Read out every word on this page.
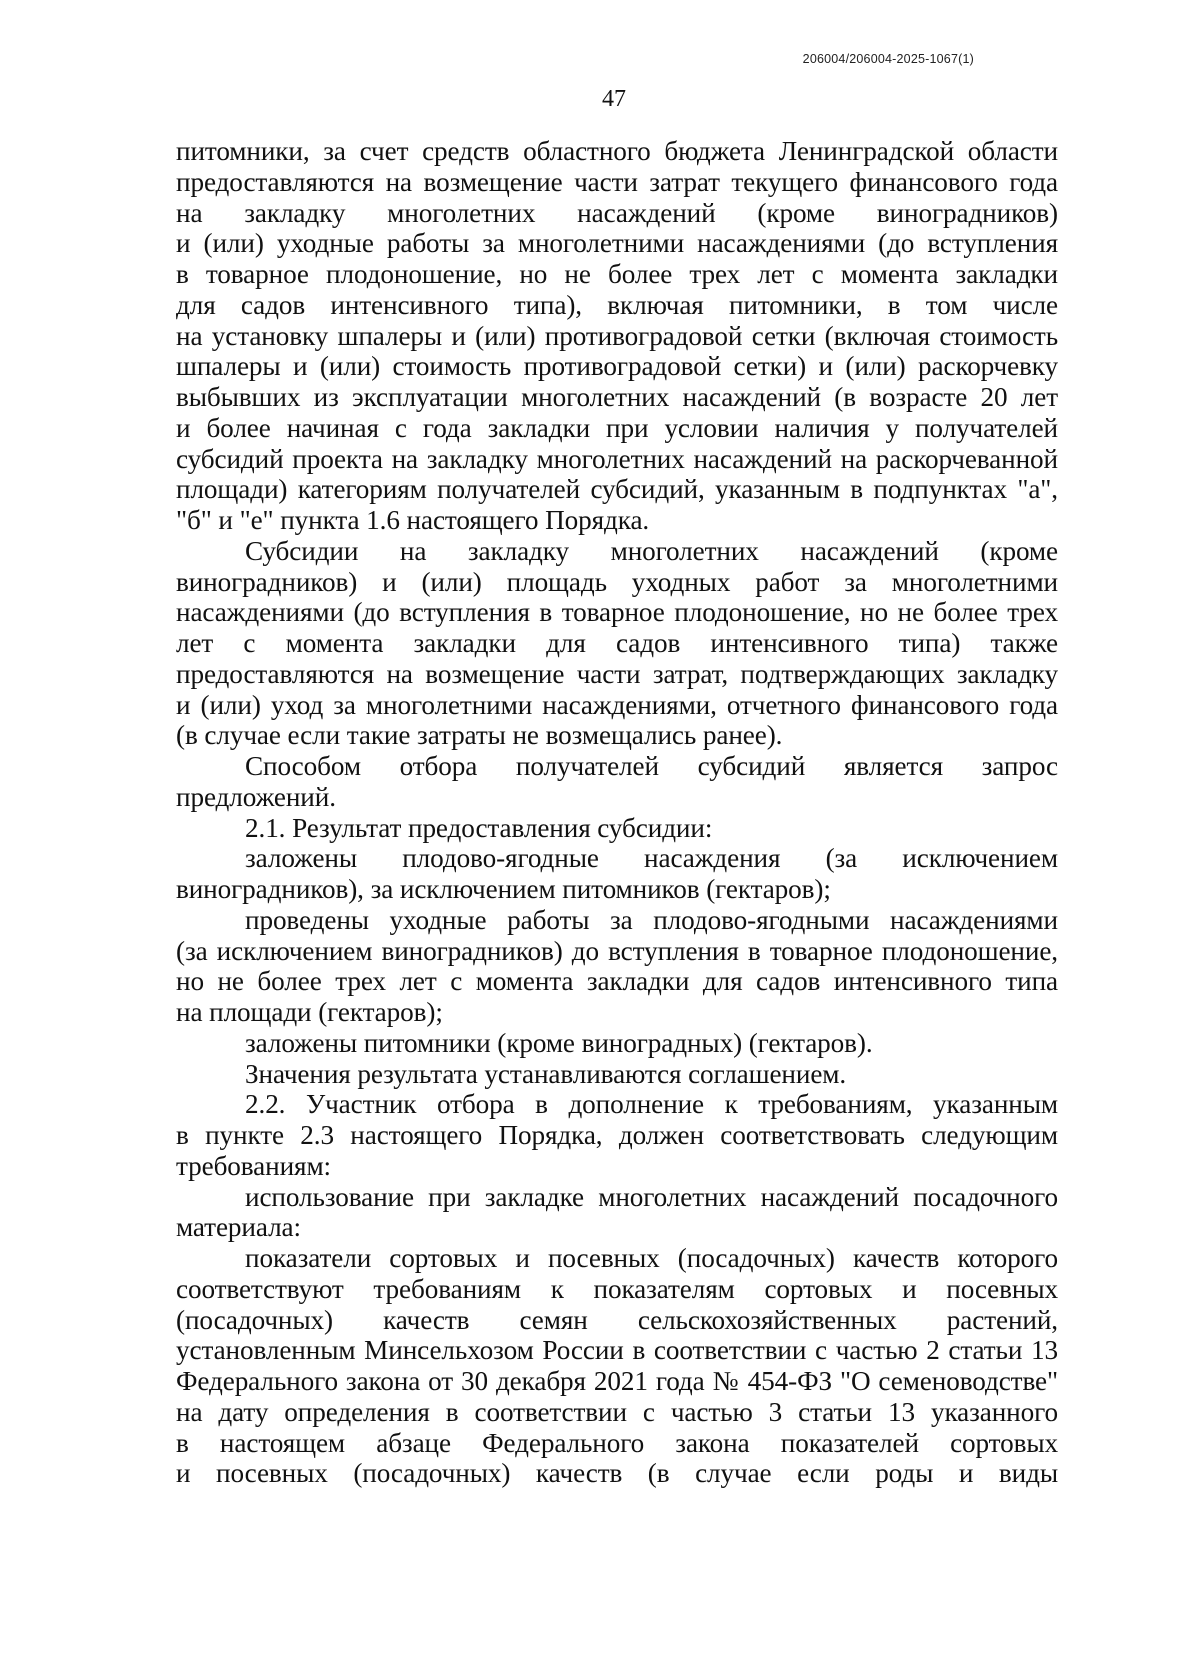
206004/206004-2025-1067(1)
47
питомники, за счет средств областного бюджета Ленинградской области
предоставляются на возмещение части затрат текущего финансового года
на закладку многолетних насаждений (кроме виноградников)
и (или) уходные работы за многолетними насаждениями (до вступления
в товарное плодоношение, но не более трех лет с момента закладки
для садов интенсивного типа), включая питомники, в том числе
на установку шпалеры и (или) противоградовой сетки (включая стоимость
шпалеры и (или) стоимость противоградовой сетки) и (или) раскорчевку
выбывших из эксплуатации многолетних насаждений (в возрасте 20 лет
и более начиная с года закладки при условии наличия у получателей
субсидий проекта на закладку многолетних насаждений на раскорчеванной
площади) категориям получателей субсидий, указанным в подпунктах "а",
"б" и "е" пункта 1.6 настоящего Порядка.
Субсидии на закладку многолетних насаждений (кроме
виноградников) и (или) площадь уходных работ за многолетними
насаждениями (до вступления в товарное плодоношение, но не более трех
лет с момента закладки для садов интенсивного типа) также
предоставляются на возмещение части затрат, подтверждающих закладку
и (или) уход за многолетними насаждениями, отчетного финансового года
(в случае если такие затраты не возмещались ранее).
Способом отбора получателей субсидий является запрос
предложений.
2.1. Результат предоставления субсидии:
заложены плодово-ягодные насаждения (за исключением
виноградников), за исключением питомников (гектаров);
проведены уходные работы за плодово-ягодными насаждениями
(за исключением виноградников) до вступления в товарное плодоношение,
но не более трех лет с момента закладки для садов интенсивного типа
на площади (гектаров);
заложены питомники (кроме виноградных) (гектаров).
Значения результата устанавливаются соглашением.
2.2. Участник отбора в дополнение к требованиям, указанным
в пункте 2.3 настоящего Порядка, должен соответствовать следующим
требованиям:
использование при закладке многолетних насаждений посадочного
материала:
показатели сортовых и посевных (посадочных) качеств которого
соответствуют требованиям к показателям сортовых и посевных
(посадочных) качеств семян сельскохозяйственных растений,
установленным Минсельхозом России в соответствии с частью 2 статьи 13
Федерального закона от 30 декабря 2021 года № 454-ФЗ "О семеноводстве"
на дату определения в соответствии с частью 3 статьи 13 указанного
в настоящем абзаце Федерального закона показателей сортовых
и посевных (посадочных) качеств (в случае если роды и виды
